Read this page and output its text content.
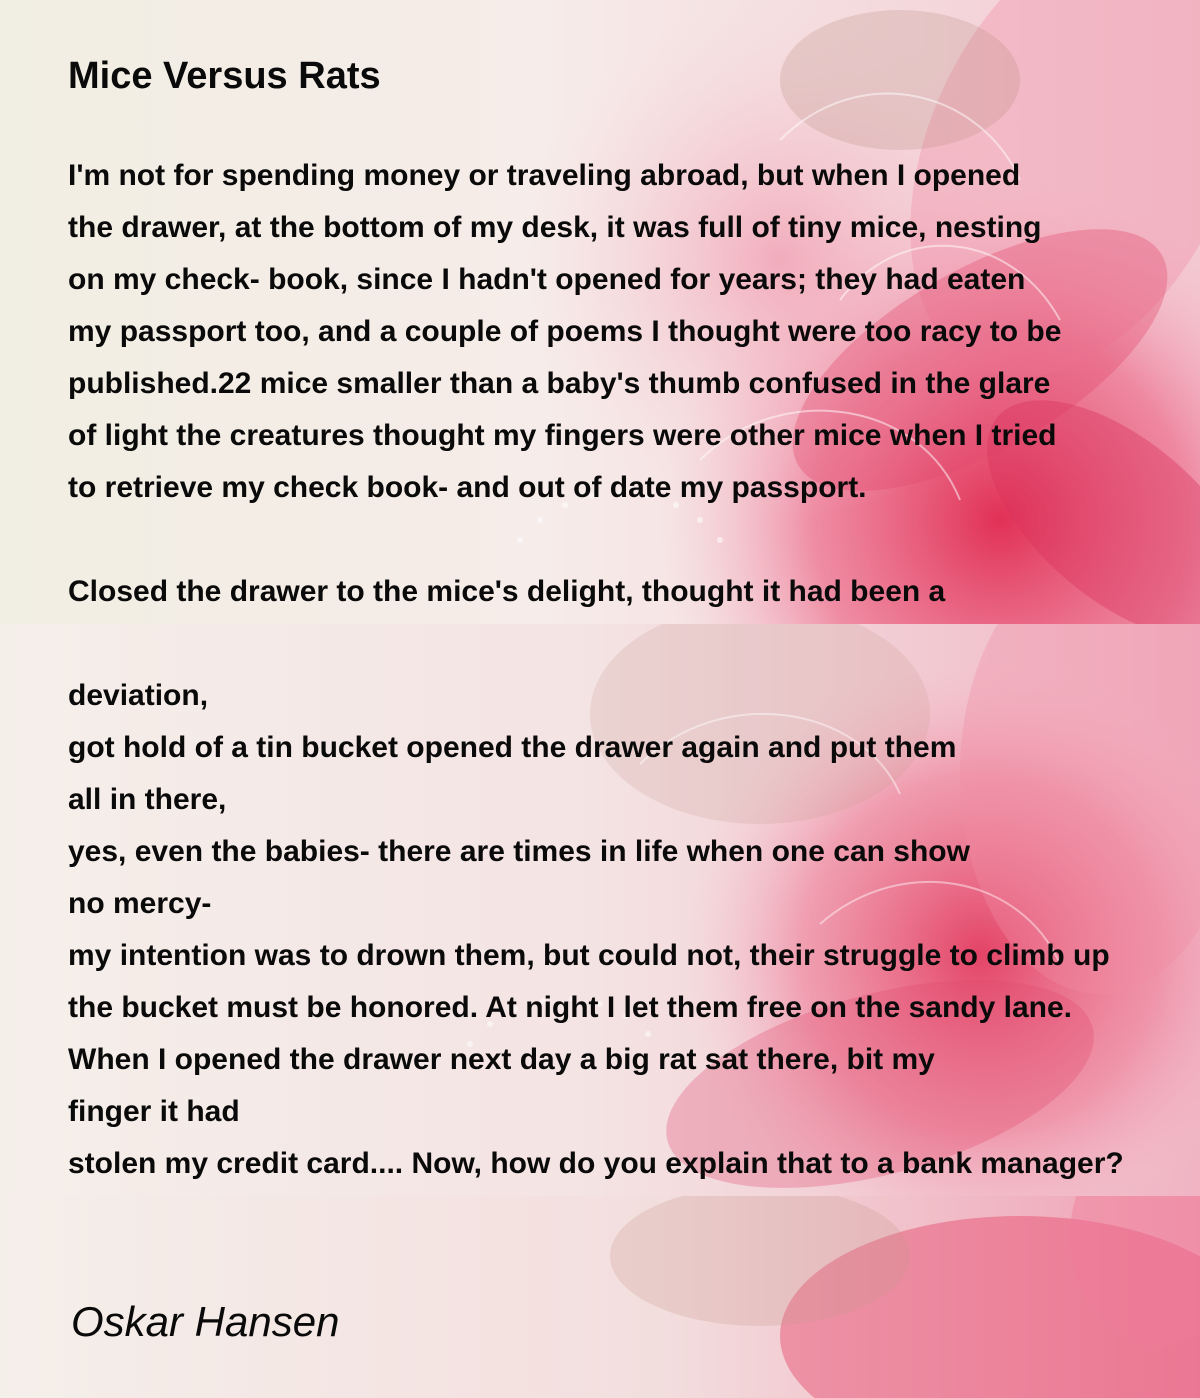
Mice Versus Rats
I'm not for spending money or traveling abroad, but when I opened
the drawer, at the bottom of my desk, it was full of tiny mice, nesting
on my check- book, since I hadn't opened for years; they had eaten
my passport too, and a couple of poems I thought were too racy to be
published.22 mice smaller than a baby's thumb confused in the glare
of light the creatures thought my fingers were other mice when I tried
to retrieve my check book- and out of date my passport.
Closed the drawer to the mice's delight, thought it had been a
deviation,
got hold of a tin bucket opened the drawer again and put them
all in there,
yes, even the babies- there are times in life when one can show
no mercy-
my intention was to drown them, but could not, their struggle to climb up
the bucket must be honored. At night I let them free on the sandy lane.
When I opened the drawer next day a big rat sat there, bit my
finger it had
stolen my credit card.... Now, how do you explain that to a bank manager?
Oskar Hansen
